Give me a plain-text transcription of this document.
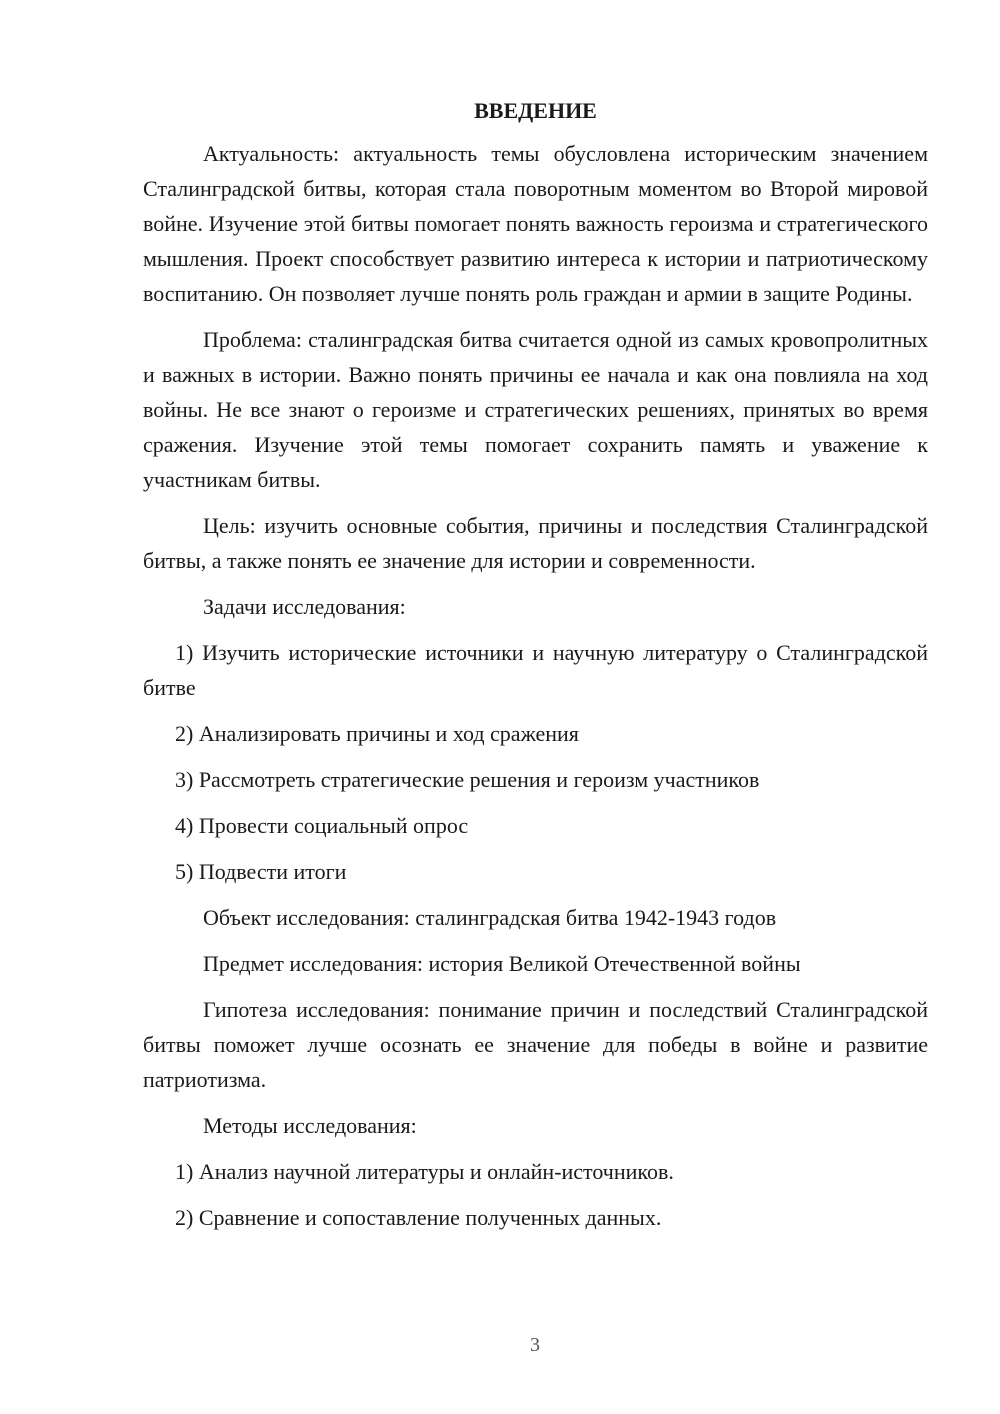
ВВЕДЕНИЕ

Актуальность: актуальность темы обусловлена историческим значением Сталинградской битвы, которая стала поворотным моментом во Второй мировой войне. Изучение этой битвы помогает понять важность героизма и стратегического мышления. Проект способствует развитию интереса к истории и патриотическому воспитанию. Он позволяет лучше понять роль граждан и армии в защите Родины.

Проблема: сталинградская битва считается одной из самых кровопролитных и важных в истории. Важно понять причины ее начала и как она повлияла на ход войны. Не все знают о героизме и стратегических решениях, принятых во время сражения. Изучение этой темы помогает сохранить память и уважение к участникам битвы.

Цель: изучить основные события, причины и последствия Сталинградской битвы, а также понять ее значение для истории и современности.

Задачи исследования:
1) Изучить исторические источники и научную литературу о Сталинградской битве
2) Анализировать причины и ход сражения
3) Рассмотреть стратегические решения и героизм участников
4) Провести социальный опрос
5) Подвести итоги
Объект исследования: сталинградская битва 1942-1943 годов
Предмет исследования: история Великой Отечественной войны

Гипотеза исследования: понимание причин и последствий Сталинградской битвы поможет лучше осознать ее значение для победы в войне и развитие патриотизма.

Методы исследования:
1) Анализ научной литературы и онлайн-источников.
2) Сравнение и сопоставление полученных данных.
3
